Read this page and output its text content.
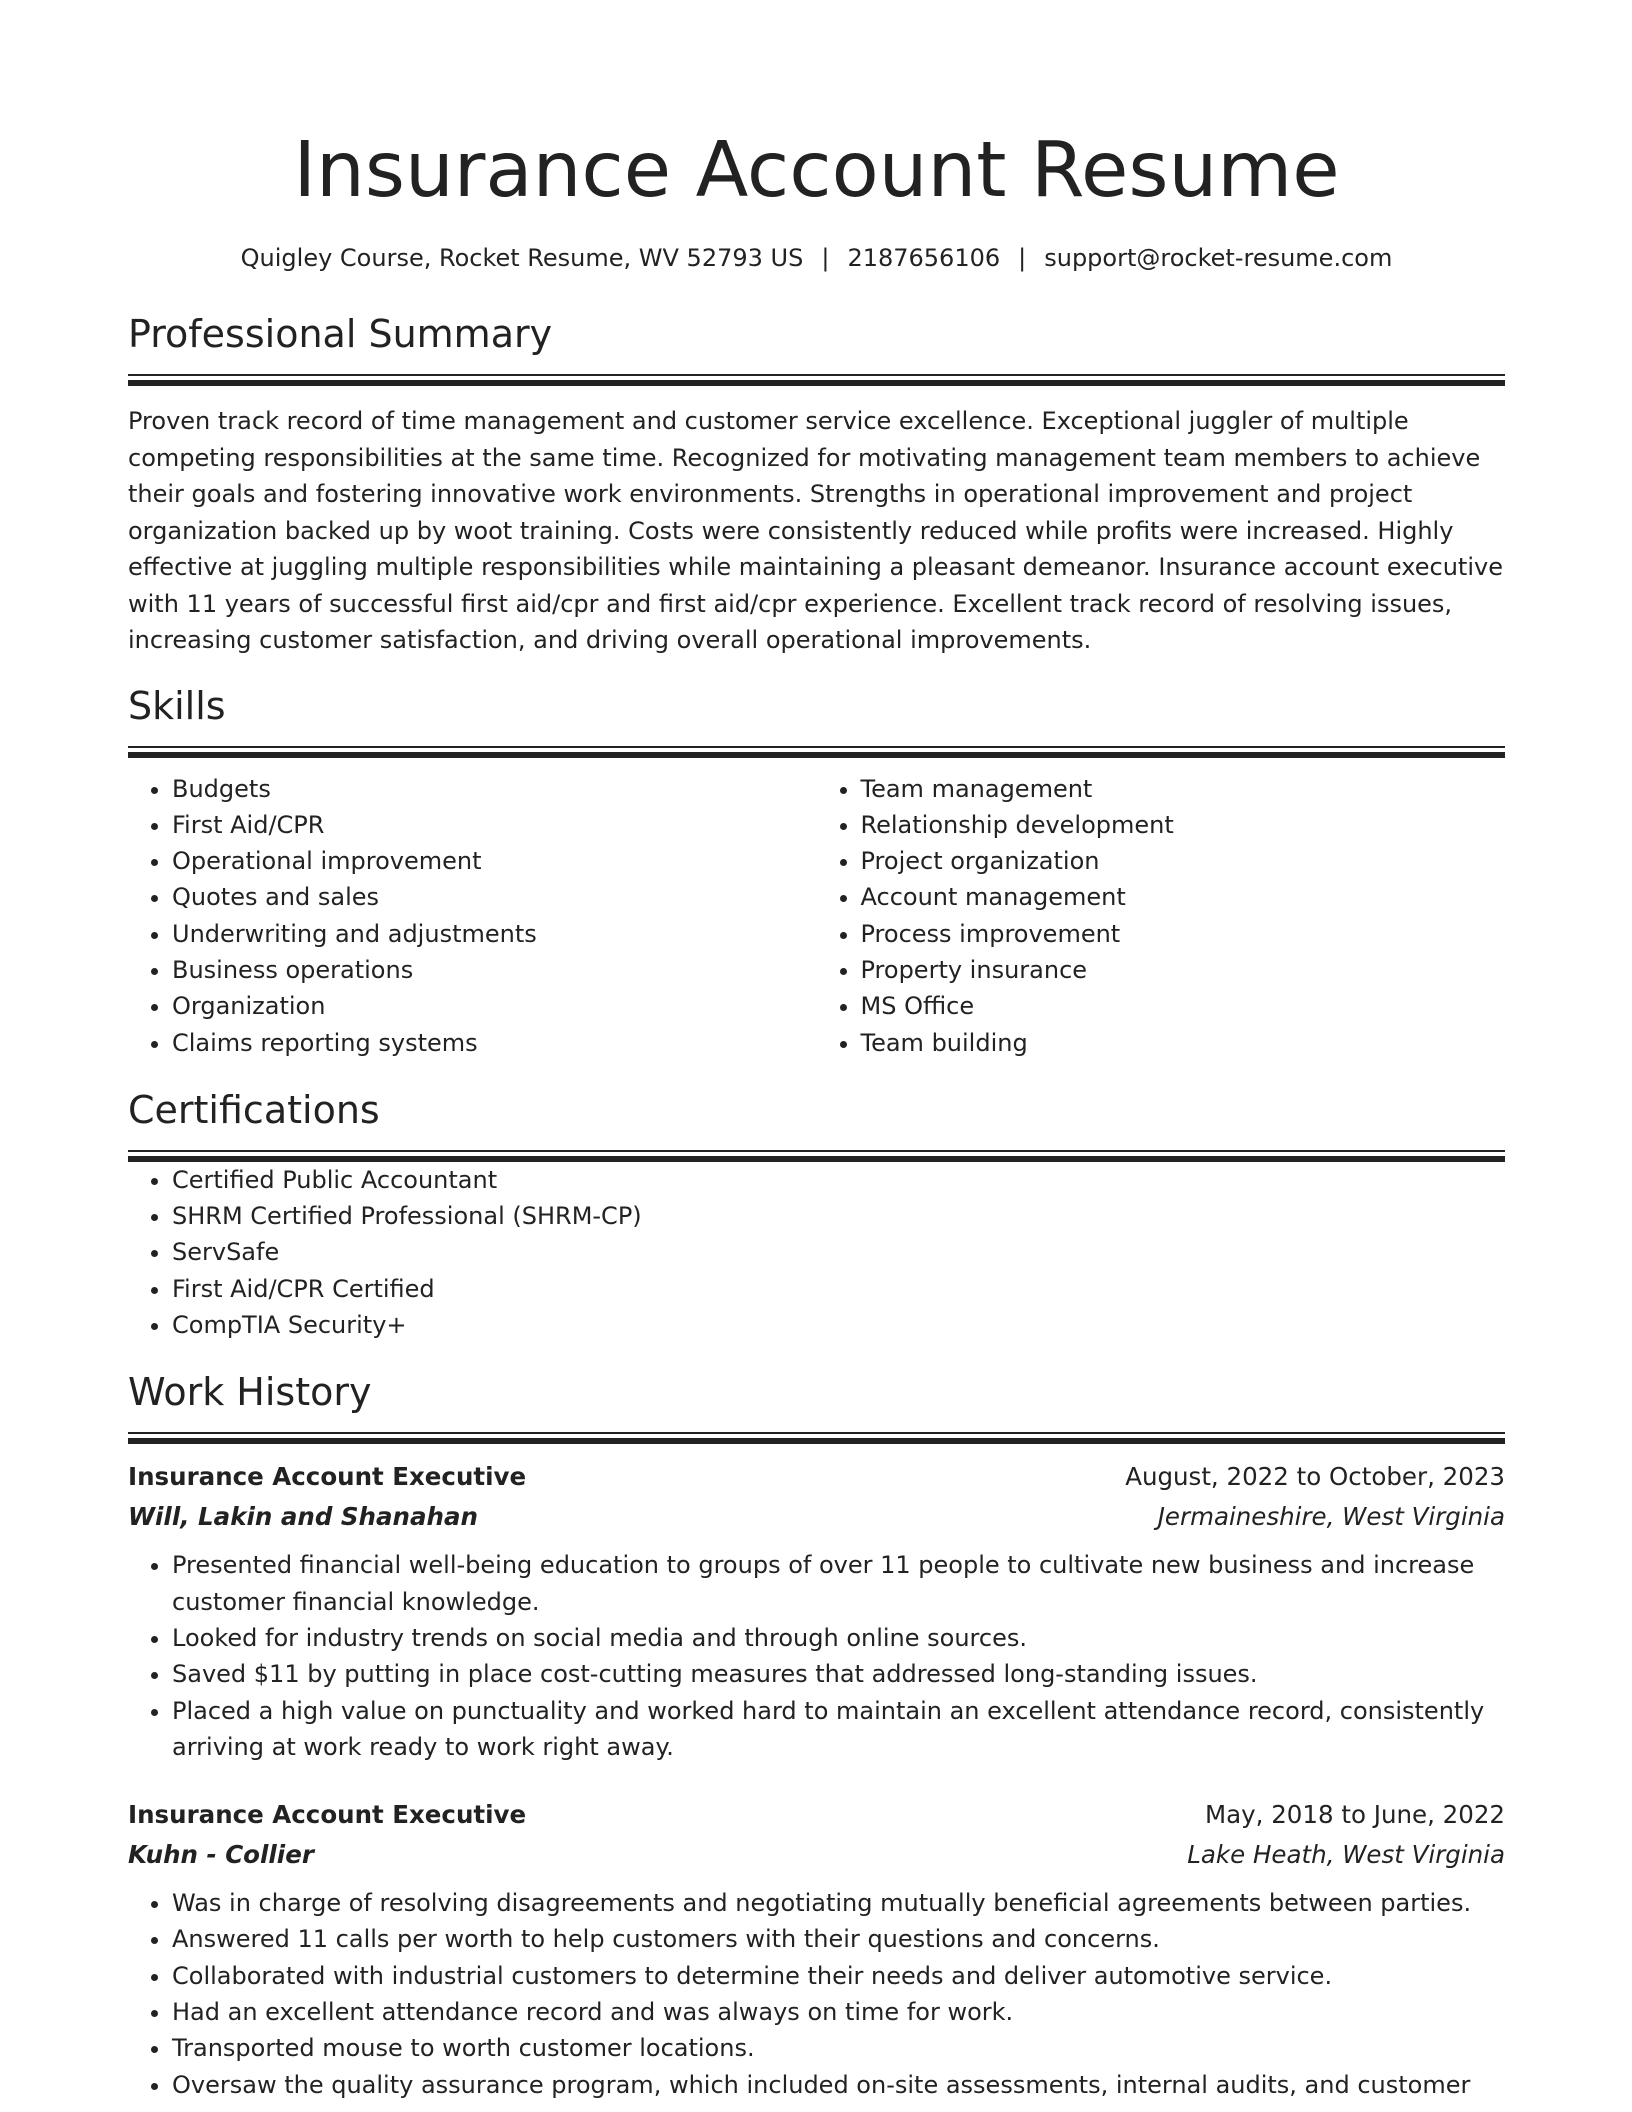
Insurance Account Resume
Quigley Course, Rocket Resume, WV 52793 US | 2187656106 | support@rocket-resume.com
Professional Summary

Proven track record of time management and customer service excellence. Exceptional juggler of multiple competing responsibilities at the same time. Recognized for motivating management team members to achieve their goals and fostering innovative work environments. Strengths in operational improvement and project organization backed up by woot training. Costs were consistently reduced while profits were increased. Highly effective at juggling multiple responsibilities while maintaining a pleasant demeanor. Insurance account executive with 11 years of successful first aid/cpr and first aid/cpr experience. Excellent track record of resolving issues, increasing customer satisfaction, and driving overall operational improvements.

Skills
• Budgets
• First Aid/CPR
• Operational improvement
• Quotes and sales
• Underwriting and adjustments
• Business operations
• Organization
• Claims reporting systems
• Team management
• Relationship development
• Project organization
• Account management
• Process improvement
• Property insurance
• MS Office
• Team building
Certifications
• Certified Public Accountant
• SHRM Certified Professional (SHRM-CP)
• ServSafe
• First Aid/CPR Certified
• CompTIA Security+
Work History
Insurance Account Executive	August, 2022 to October, 2023
Will, Lakin and Shanahan	Jermaineshire, West Virginia
• Presented financial well-being education to groups of over 11 people to cultivate new business and increase customer financial knowledge.
• Looked for industry trends on social media and through online sources.
• Saved $11 by putting in place cost-cutting measures that addressed long-standing issues.
• Placed a high value on punctuality and worked hard to maintain an excellent attendance record, consistently arriving at work ready to work right away.
Insurance Account Executive	May, 2018 to June, 2022
Kuhn - Collier	Lake Heath, West Virginia
• Was in charge of resolving disagreements and negotiating mutually beneficial agreements between parties.
• Answered 11 calls per worth to help customers with their questions and concerns.
• Collaborated with industrial customers to determine their needs and deliver automotive service.
• Had an excellent attendance record and was always on time for work.
• Transported mouse to worth customer locations.
• Oversaw the quality assurance program, which included on-site assessments, internal audits, and customer
